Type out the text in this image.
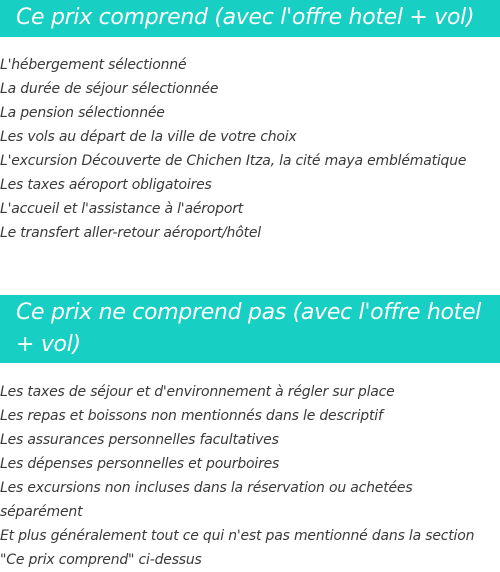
Ce prix comprend (avec l'offre hotel + vol)
L'hébergement sélectionné
La durée de séjour sélectionnée
La pension sélectionnée
Les vols au départ de la ville de votre choix
L'excursion Découverte de Chichen Itza, la cité maya emblématique
Les taxes aéroport obligatoires
L'accueil et l'assistance à l'aéroport
Le transfert aller-retour aéroport/hôtel
Ce prix ne comprend pas (avec l'offre hotel + vol)
Les taxes de séjour et d'environnement à régler sur place
Les repas et boissons non mentionnés dans le descriptif
Les assurances personnelles facultatives
Les dépenses personnelles et pourboires
Les excursions non incluses dans la réservation ou achetées séparément
Et plus généralement tout ce qui n'est pas mentionné dans la section "Ce prix comprend" ci-dessus
